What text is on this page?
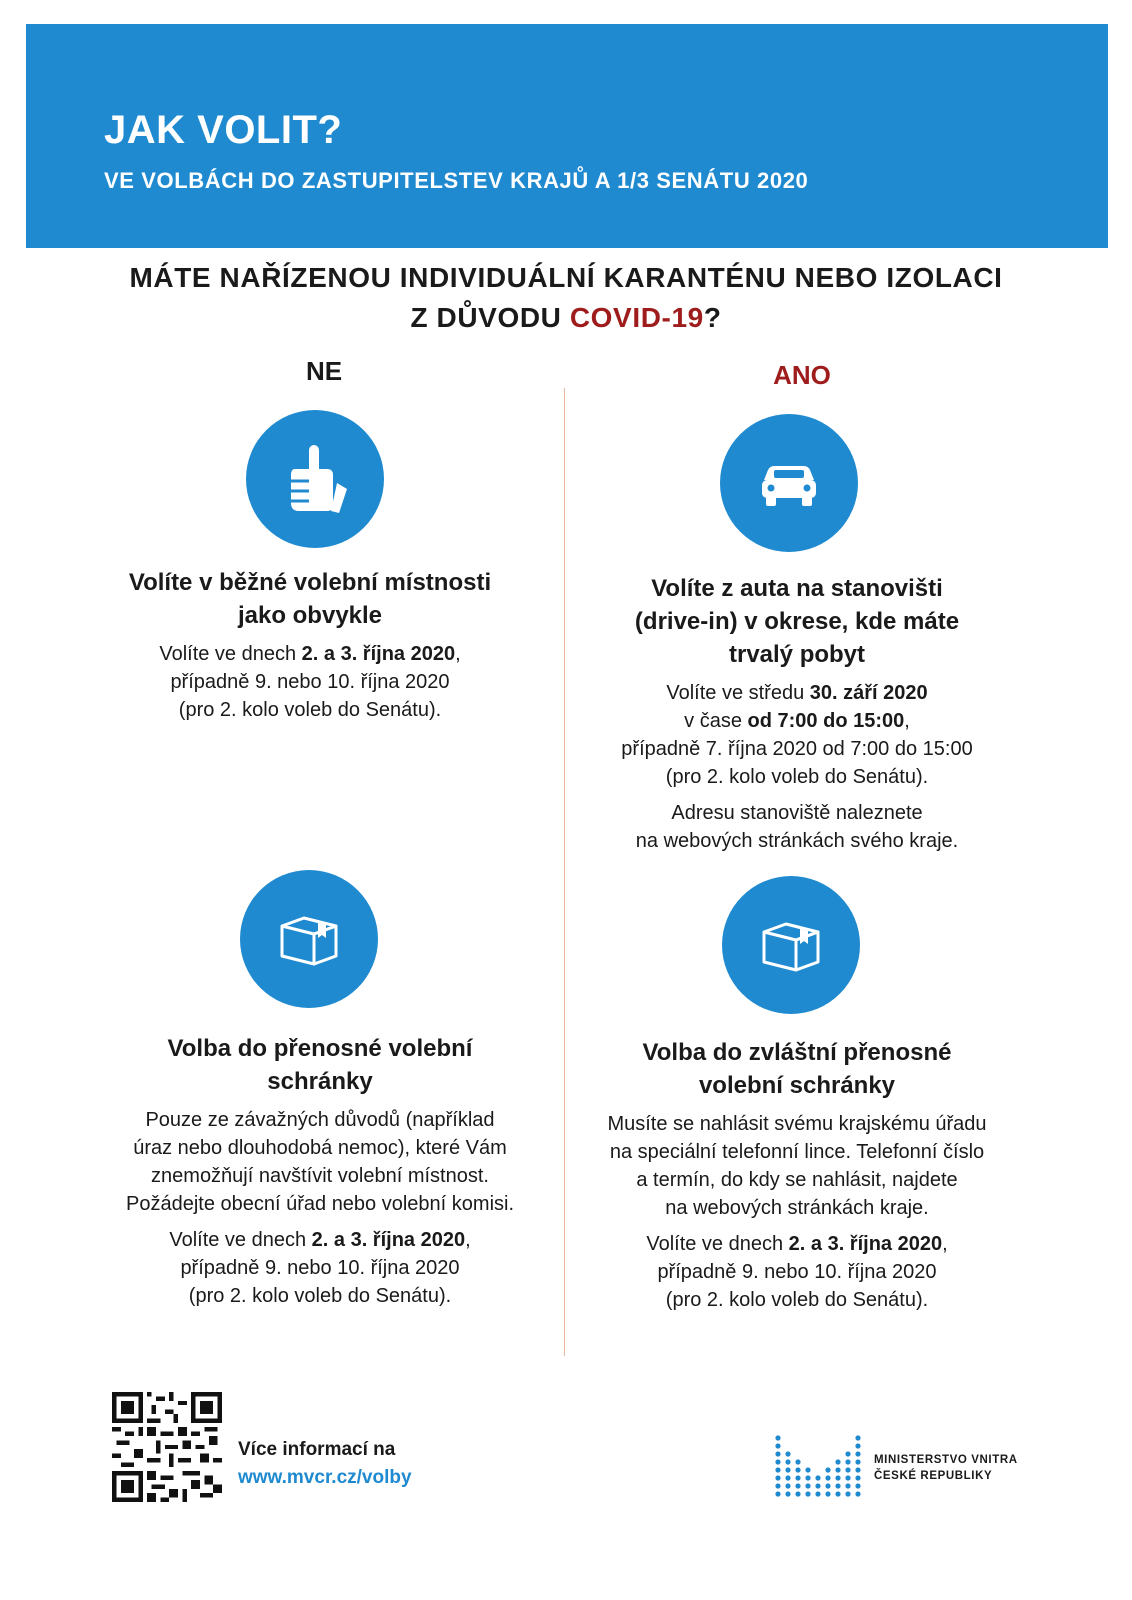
JAK VOLIT?
VE VOLBÁCH DO ZASTUPITELSTEV KRAJŮ A 1/3 SENÁTU 2020
MÁTE NAŘÍZENOU INDIVIDUÁLNÍ KARANTÉNU NEBO IZOLACI
Z DŮVODU COVID-19?
NE	ANO
Volíte v běžné volební místnosti
jako obvykle

Volíte ve dnech 2. a 3. října 2020,

případně 9. nebo 10. října 2020

(pro 2. kolo voleb do Senátu).

Volíte z auta na stanovišti
(drive-in) v okrese, kde máte
trvalý pobyt

Volíte ve středu 30. září 2020

v čase od 7:00 do 15:00,

případně 7. října 2020 od 7:00 do 15:00

(pro 2. kolo voleb do Senátu).

Adresu stanoviště naleznete

na webových stránkách svého kraje.

Volba do přenosné volební
schránky

Pouze ze závažných důvodů (například

úraz nebo dlouhodobá nemoc), které Vám

znemožňují navštívit volební místnost.

Požádejte obecní úřad nebo volební komisi.

Volíte ve dnech 2. a 3. října 2020,

případně 9. nebo 10. října 2020

(pro 2. kolo voleb do Senátu).

Volba do zvláštní přenosné
volební schránky

Musíte se nahlásit svému krajskému úřadu

na speciální telefonní lince. Telefonní číslo

a termín, do kdy se nahlásit, najdete

na webových stránkách kraje.

Volíte ve dnech 2. a 3. října 2020,

případně 9. nebo 10. října 2020

(pro 2. kolo voleb do Senátu).

Více informací na
www.mvcr.cz/volby
MINISTERSTVO VNITRA
ČESKÉ REPUBLIKY
